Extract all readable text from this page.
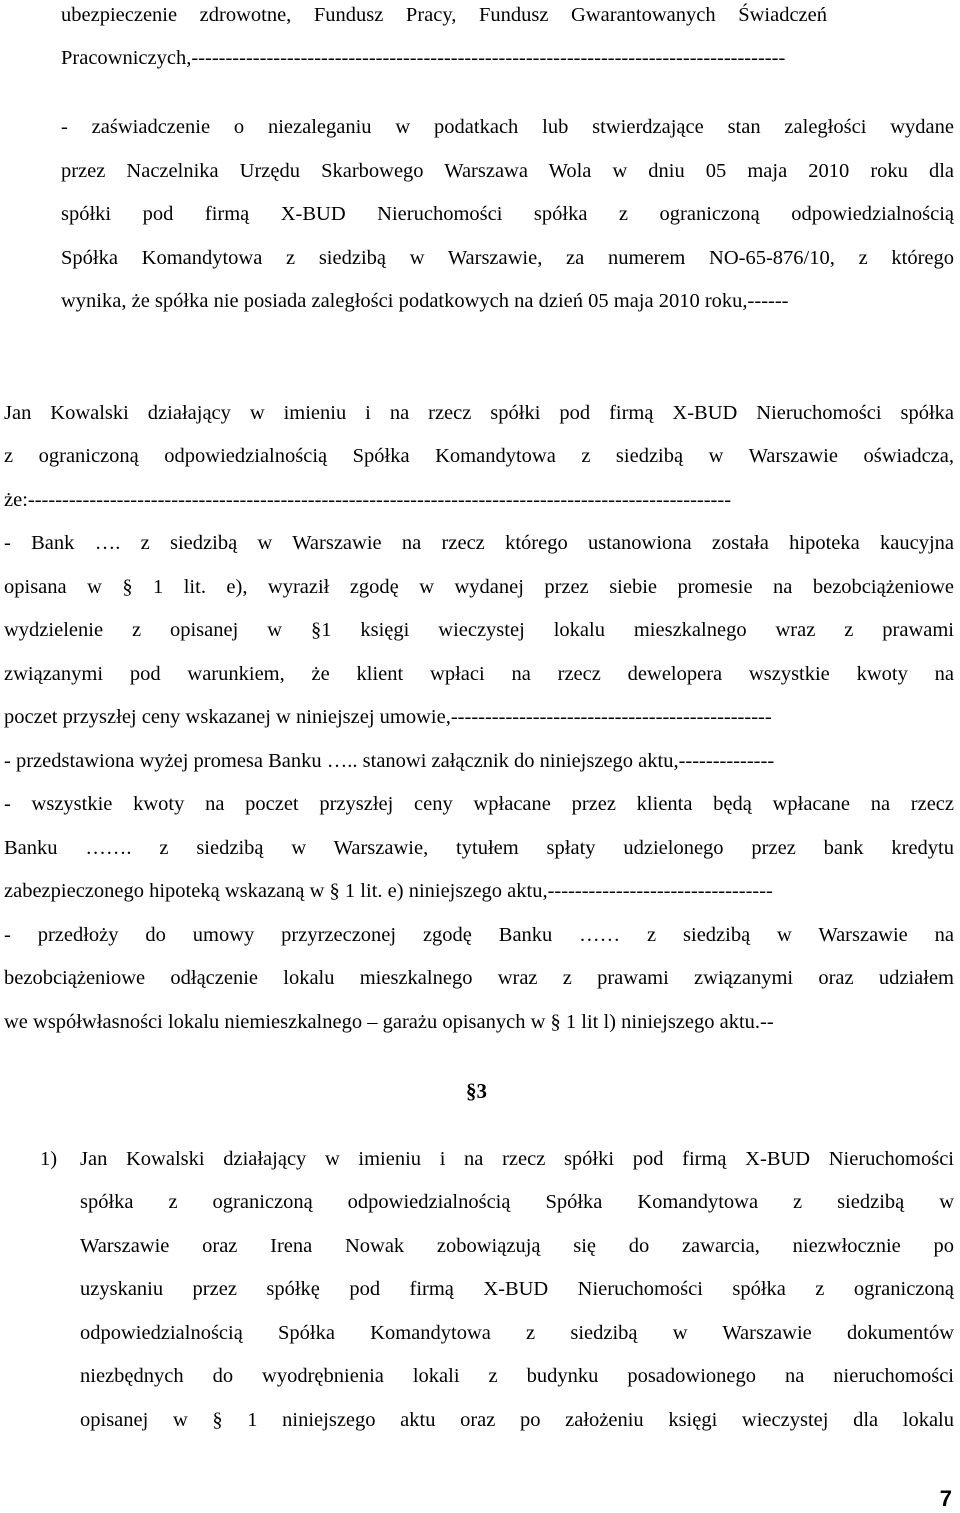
ubezpieczenie zdrowotne, Fundusz Pracy, Fundusz Gwarantowanych Świadczeń
Pracowniczych,---------------------------------------------------------------------------------------
- zaświadczenie o niezaleganiu w podatkach lub stwierdzające stan zaległości wydane
przez Naczelnika Urzędu Skarbowego Warszawa Wola w dniu 05 maja 2010 roku dla
spółki pod firmą X-BUD Nieruchomości spółka z ograniczoną odpowiedzialnością
Spółka Komandytowa z siedzibą w Warszawie, za numerem NO-65-876/10, z którego
wynika, że spółka nie posiada zaległości podatkowych na dzień 05 maja 2010 roku,------
Jan Kowalski działający w imieniu i na rzecz spółki pod firmą X-BUD Nieruchomości spółka
z ograniczoną odpowiedzialnością Spółka Komandytowa z siedzibą w Warszawie oświadcza,
że:-------------------------------------------------------------------------------------------------------
- Bank …. z siedzibą w Warszawie na rzecz którego ustanowiona została hipoteka kaucyjna
opisana w § 1 lit. e), wyraził zgodę w wydanej przez siebie promesie na bezobciążeniowe
wydzielenie z opisanej w §1 księgi wieczystej lokalu mieszkalnego wraz z prawami
związanymi pod warunkiem, że klient wpłaci na rzecz dewelopera wszystkie kwoty na
poczet przyszłej ceny wskazanej w niniejszej umowie,-----------------------------------------------
- przedstawiona wyżej promesa Banku ….. stanowi załącznik do niniejszego aktu,--------------
- wszystkie kwoty na poczet przyszłej ceny wpłacane przez klienta będą wpłacane na rzecz
Banku ……. z siedzibą w Warszawie, tytułem spłaty udzielonego przez bank kredytu
zabezpieczonego hipoteką wskazaną w § 1 lit. e) niniejszego aktu,---------------------------------
- przedłoży do umowy przyrzeczonej zgodę Banku …… z siedzibą w Warszawie na
bezobciążeniowe odłączenie lokalu mieszkalnego wraz z prawami związanymi oraz udziałem
we współwłasności lokalu niemieszkalnego – garażu opisanych w § 1 lit l) niniejszego aktu.--
§3
1) Jan Kowalski działający w imieniu i na rzecz spółki pod firmą X-BUD Nieruchomości
spółka z ograniczoną odpowiedzialnością Spółka Komandytowa z siedzibą w
Warszawie oraz Irena Nowak zobowiązują się do zawarcia, niezwłocznie po
uzyskaniu przez spółkę pod firmą X-BUD Nieruchomości spółka z ograniczoną
odpowiedzialnością Spółka Komandytowa z siedzibą w Warszawie dokumentów
niezbędnych do wyodrębnienia lokali z budynku posadowionego na nieruchomości
opisanej w § 1 niniejszego aktu oraz po założeniu księgi wieczystej dla lokalu
7
